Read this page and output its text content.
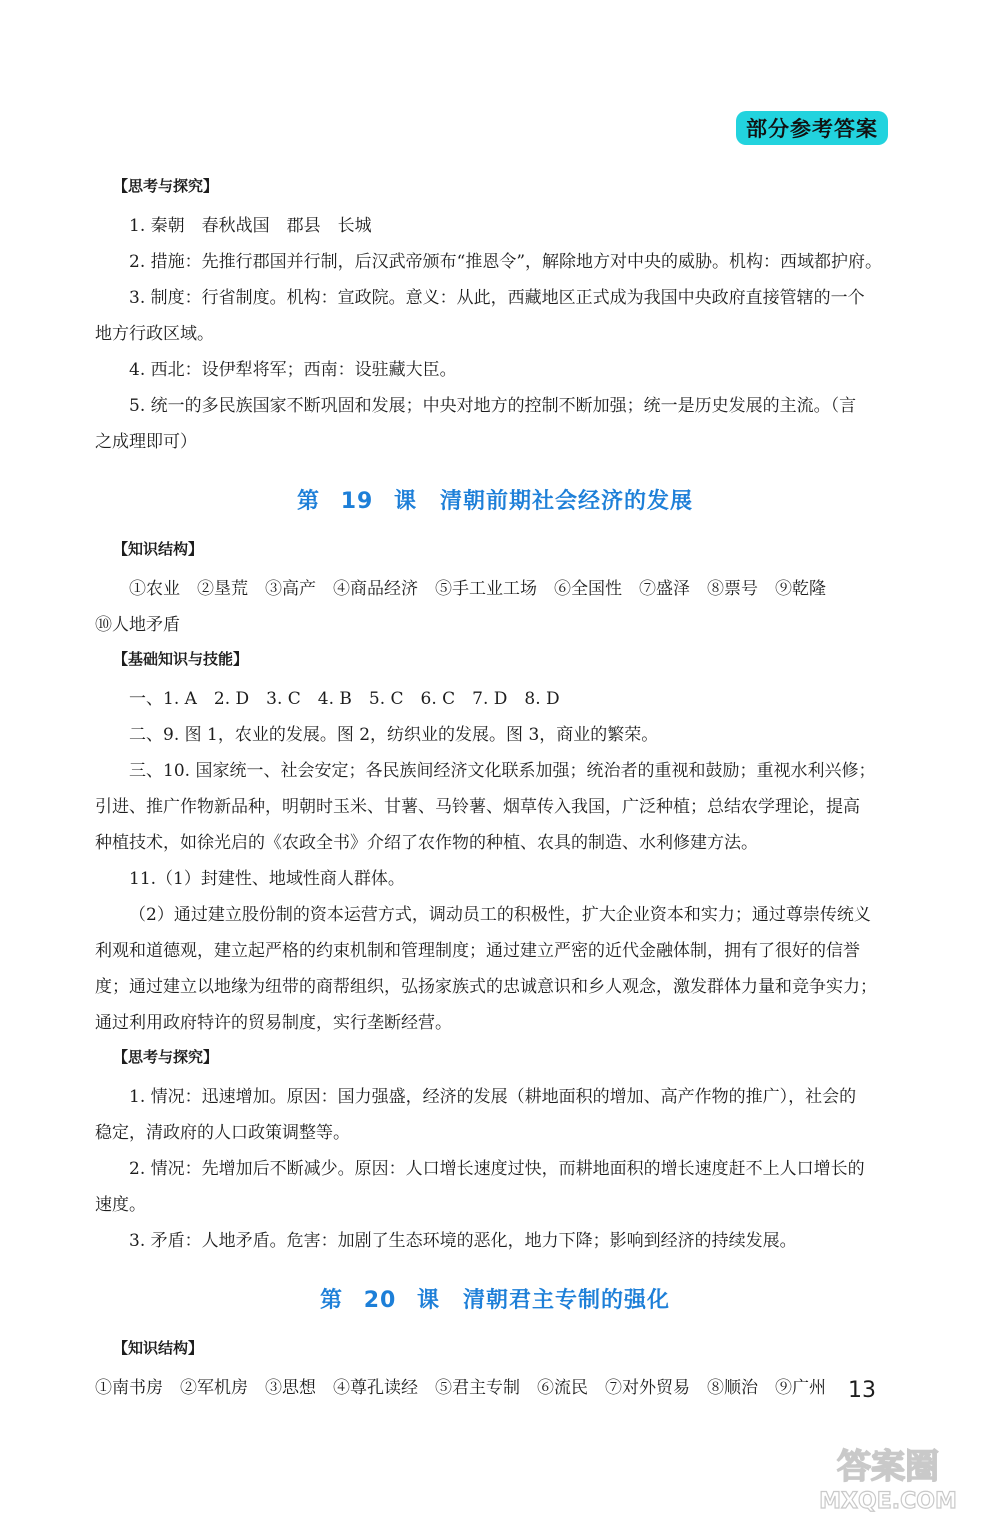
部分参考答案
【思考与探究】

1. 秦朝　春秋战国　郡县　长城

2. 措施：先推行郡国并行制，后汉武帝颁布“推恩令”，解除地方对中央的威胁。机构：西域都护府。

3. 制度：行省制度。机构：宣政院。意义：从此，西藏地区正式成为我国中央政府直接管辖的一个

地方行政区域。

4. 西北：设伊犁将军；西南：设驻藏大臣。

5. 统一的多民族国家不断巩固和发展；中央对地方的控制不断加强；统一是历史发展的主流。（言

之成理即可）

第 19 课　清朝前期社会经济的发展
【知识结构】

①农业　②垦荒　③高产　④商品经济　⑤手工业工场　⑥全国性　⑦盛泽　⑧票号　⑨乾隆

⑩人地矛盾

【基础知识与技能】

一、1. A　2. D　3. C　4. B　5. C　6. C　7. D　8. D

二、9. 图 1，农业的发展。图 2，纺织业的发展。图 3，商业的繁荣。

三、10. 国家统一、社会安定；各民族间经济文化联系加强；统治者的重视和鼓励；重视水利兴修；

引进、推广作物新品种，明朝时玉米、甘薯、马铃薯、烟草传入我国，广泛种植；总结农学理论，提高

种植技术，如徐光启的《农政全书》介绍了农作物的种植、农具的制造、水利修建方法。

11.（1）封建性、地域性商人群体。

（2）通过建立股份制的资本运营方式，调动员工的积极性，扩大企业资本和实力；通过尊崇传统义

利观和道德观，建立起严格的约束机制和管理制度；通过建立严密的近代金融体制，拥有了很好的信誉

度；通过建立以地缘为纽带的商帮组织，弘扬家族式的忠诚意识和乡人观念，激发群体力量和竞争实力；

通过利用政府特许的贸易制度，实行垄断经营。

【思考与探究】

1. 情况：迅速增加。原因：国力强盛，经济的发展（耕地面积的增加、高产作物的推广），社会的

稳定，清政府的人口政策调整等。

2. 情况：先增加后不断减少。原因：人口增长速度过快，而耕地面积的增长速度赶不上人口增长的

速度。

3. 矛盾：人地矛盾。危害：加剧了生态环境的恶化，地力下降；影响到经济的持续发展。

第 20 课　清朝君主专制的强化
【知识结构】

①南书房　②军机房　③思想　④尊孔读经　⑤君主专制　⑥流民　⑦对外贸易　⑧顺治　⑨广州	13
答案圈
MXQE.COM
